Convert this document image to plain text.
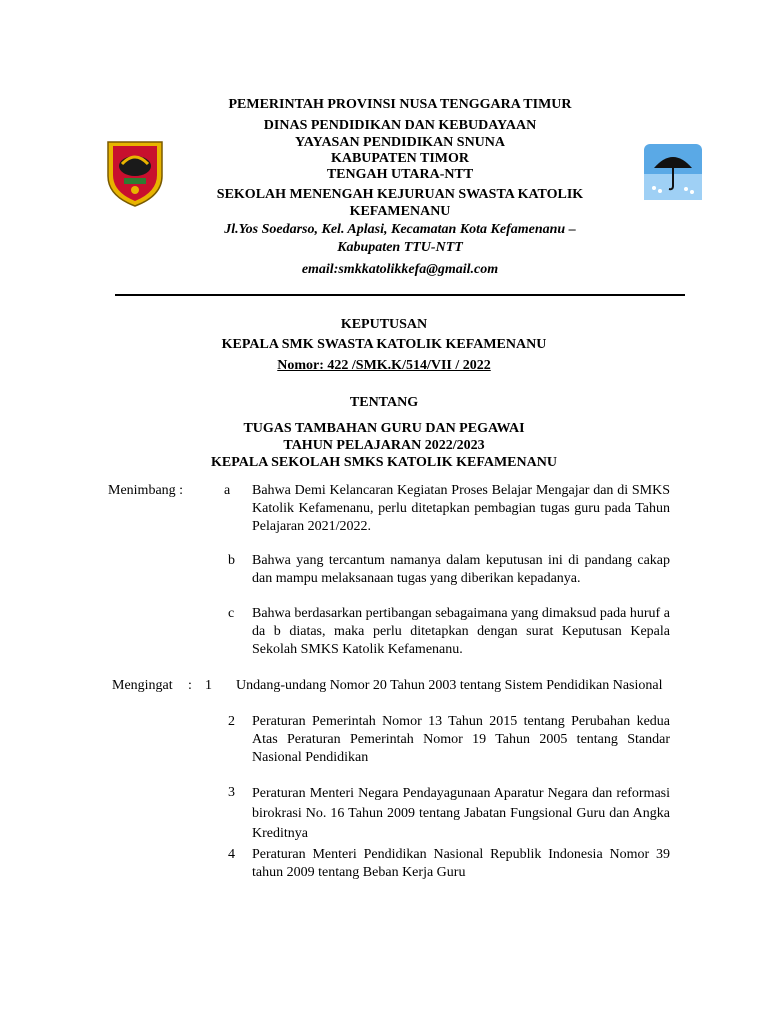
PEMERINTAH PROVINSI NUSA TENGGARA TIMUR
DINAS PENDIDIKAN DAN KEBUDAYAAN
YAYASAN PENDIDIKAN SNUNA
KABUPATEN TIMOR
TENGAH UTARA-NTT
SEKOLAH MENENGAH KEJURUAN SWASTA KATOLIK
KEFAMENANU
Jl.Yos Soedarso, Kel. Aplasi, Kecamatan Kota Kefamenanu –
Kabupaten TTU-NTT
email:smkkatolikkefa@gmail.com
KEPUTUSAN
KEPALA SMK SWASTA KATOLIK KEFAMENANU
Nomor: 422 /SMK.K/514/VII / 2022
TENTANG
TUGAS TAMBAHAN GURU DAN PEGAWAI
TAHUN PELAJARAN 2022/2023
KEPALA SEKOLAH SMKS KATOLIK KEFAMENANU
Menimbang :	a Bahwa Demi Kelancaran Kegiatan Proses Belajar Mengajar dan di SMKS Katolik Kefamenanu, perlu ditetapkan pembagian tugas guru pada Tahun Pelajaran 2021/2022.
b Bahwa yang tercantum namanya dalam keputusan ini di pandang cakap dan mampu melaksanaan tugas yang diberikan kepadanya.
c Bahwa berdasarkan pertibangan sebagaimana yang dimaksud pada huruf a da b diatas, maka perlu ditetapkan dengan surat Keputusan Kepala Sekolah SMKS Katolik Kefamenanu.
Mengingat : 1 Undang-undang Nomor 20 Tahun 2003 tentang Sistem Pendidikan Nasional
2 Peraturan Pemerintah Nomor 13 Tahun 2015 tentang Perubahan kedua Atas Peraturan Pemerintah Nomor 19 Tahun 2005 tentang Standar Nasional Pendidikan
3 Peraturan Menteri Negara Pendayagunaan Aparatur Negara dan reformasi birokrasi No. 16 Tahun 2009 tentang Jabatan Fungsional Guru dan Angka Kreditnya
4 Peraturan Menteri Pendidikan Nasional Republik Indonesia Nomor 39 tahun 2009 tentang Beban Kerja Guru
